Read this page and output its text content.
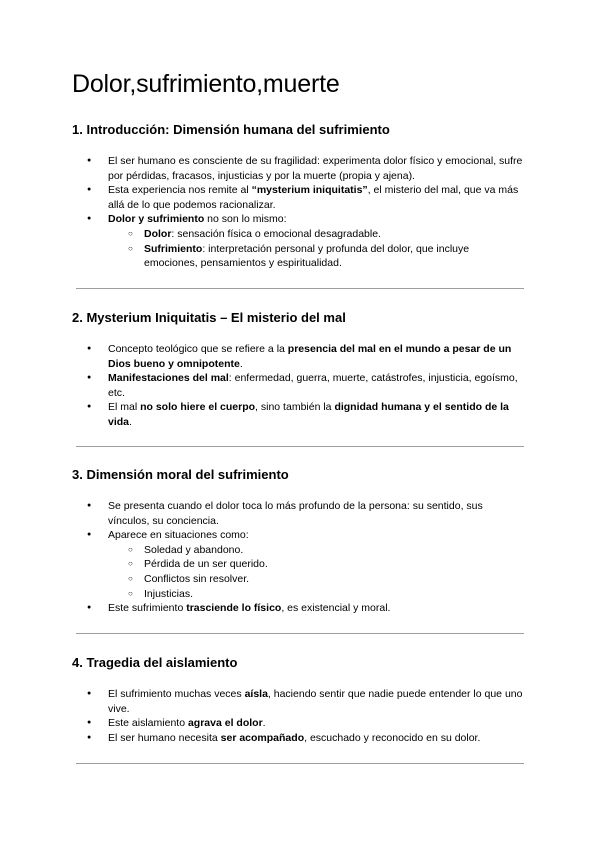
Dolor,sufrimiento,muerte
1. Introducción: Dimensión humana del sufrimiento
● El ser humano es consciente de su fragilidad: experimenta dolor físico y emocional, sufre por pérdidas, fracasos, injusticias y por la muerte (propia y ajena).
● Esta experiencia nos remite al “mysterium iniquitatis”, el misterio del mal, que va más allá de lo que podemos racionalizar.
● Dolor y sufrimiento no son lo mismo:
○ Dolor: sensación física o emocional desagradable.
○ Sufrimiento: interpretación personal y profunda del dolor, que incluye emociones, pensamientos y espiritualidad.
2. Mysterium Iniquitatis – El misterio del mal
● Concepto teológico que se refiere a la presencia del mal en el mundo a pesar de un Dios bueno y omnipotente.
● Manifestaciones del mal: enfermedad, guerra, muerte, catástrofes, injusticia, egoísmo, etc.
● El mal no solo hiere el cuerpo, sino también la dignidad humana y el sentido de la vida.
3. Dimensión moral del sufrimiento
● Se presenta cuando el dolor toca lo más profundo de la persona: su sentido, sus vínculos, su conciencia.
● Aparece en situaciones como:
○ Soledad y abandono.
○ Pérdida de un ser querido.
○ Conflictos sin resolver.
○ Injusticias.
● Este sufrimiento trasciende lo físico, es existencial y moral.
4. Tragedia del aislamiento
● El sufrimiento muchas veces aísla, haciendo sentir que nadie puede entender lo que uno vive.
● Este aislamiento agrava el dolor.
● El ser humano necesita ser acompañado, escuchado y reconocido en su dolor.
